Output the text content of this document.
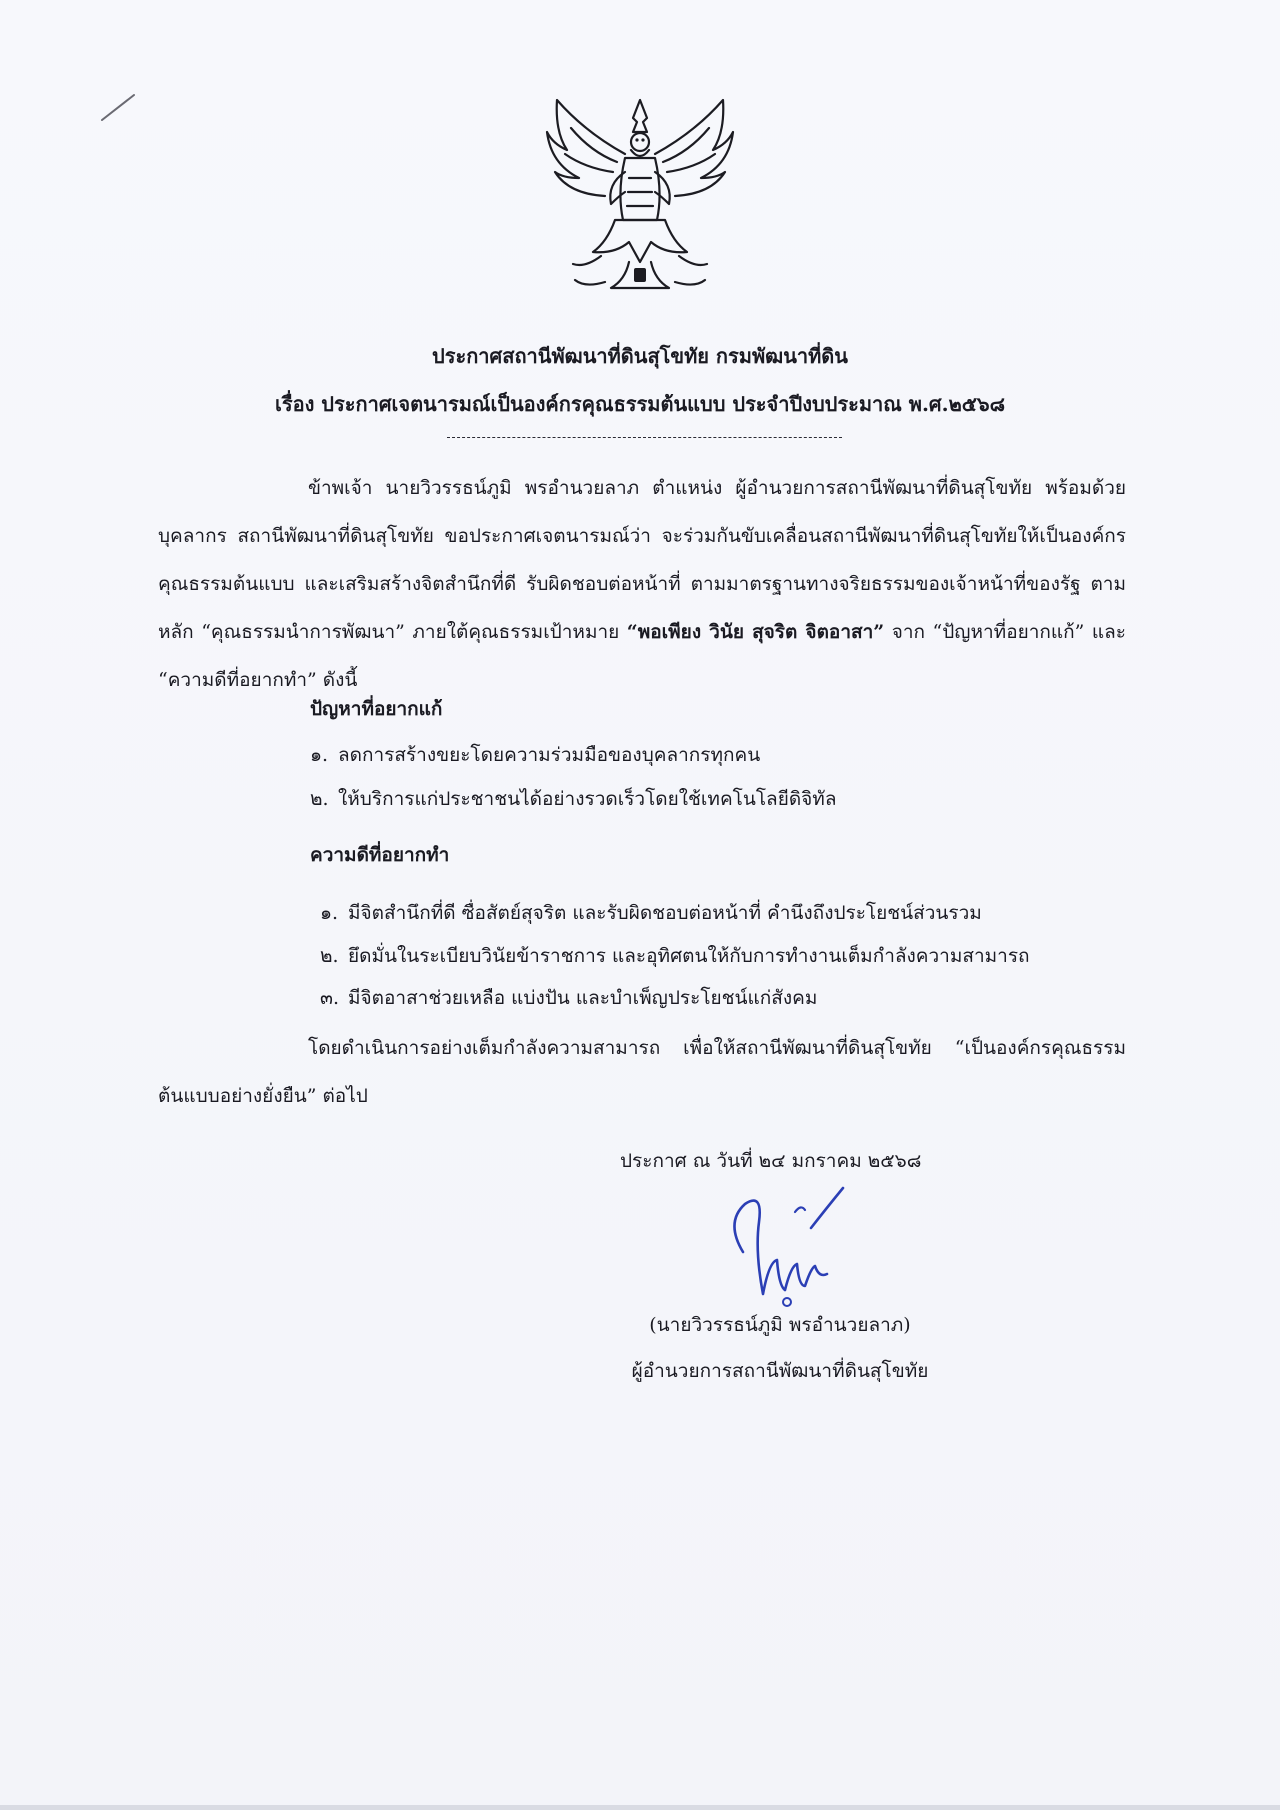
ประกาศสถานีพัฒนาที่ดินสุโขทัย กรมพัฒนาที่ดิน

เรื่อง ประกาศเจตนารมณ์เป็นองค์กรคุณธรรมต้นแบบ ประจำปีงบประมาณ พ.ศ.๒๕๖๘

ข้าพเจ้า นายวิวรรธน์ภูมิ พรอำนวยลาภ ตำแหน่ง ผู้อำนวยการสถานีพัฒนาที่ดินสุโขทัย พร้อมด้วยบุคลากร สถานีพัฒนาที่ดินสุโขทัย ขอประกาศเจตนารมณ์ว่า จะร่วมกันขับเคลื่อนสถานีพัฒนาที่ดินสุโขทัยให้เป็นองค์กรคุณธรรมต้นแบบ และเสริมสร้างจิตสำนึกที่ดี รับผิดชอบต่อหน้าที่ ตามมาตรฐานทางจริยธรรมของเจ้าหน้าที่ของรัฐ ตามหลัก “คุณธรรมนำการพัฒนา” ภายใต้คุณธรรมเป้าหมาย “พอเพียง วินัย สุจริต จิตอาสา” จาก “ปัญหาที่อยากแก้” และ “ความดีที่อยากทำ” ดังนี้

ปัญหาที่อยากแก้

๑. ลดการสร้างขยะโดยความร่วมมือของบุคลากรทุกคน

๒. ให้บริการแก่ประชาชนได้อย่างรวดเร็วโดยใช้เทคโนโลยีดิจิทัล

ความดีที่อยากทำ

๑. มีจิตสำนึกที่ดี ซื่อสัตย์สุจริต และรับผิดชอบต่อหน้าที่ คำนึงถึงประโยชน์ส่วนรวม

๒. ยึดมั่นในระเบียบวินัยข้าราชการ และอุทิศตนให้กับการทำงานเต็มกำลังความสามารถ

๓. มีจิตอาสาช่วยเหลือ แบ่งปัน และบำเพ็ญประโยชน์แก่สังคม

โดยดำเนินการอย่างเต็มกำลังความสามารถ เพื่อให้สถานีพัฒนาที่ดินสุโขทัย “เป็นองค์กรคุณธรรมต้นแบบอย่างยั่งยืน” ต่อไป

ประกาศ ณ วันที่ ๒๔ มกราคม ๒๕๖๘

(นายวิวรรธน์ภูมิ พรอำนวยลาภ)

ผู้อำนวยการสถานีพัฒนาที่ดินสุโขทัย
